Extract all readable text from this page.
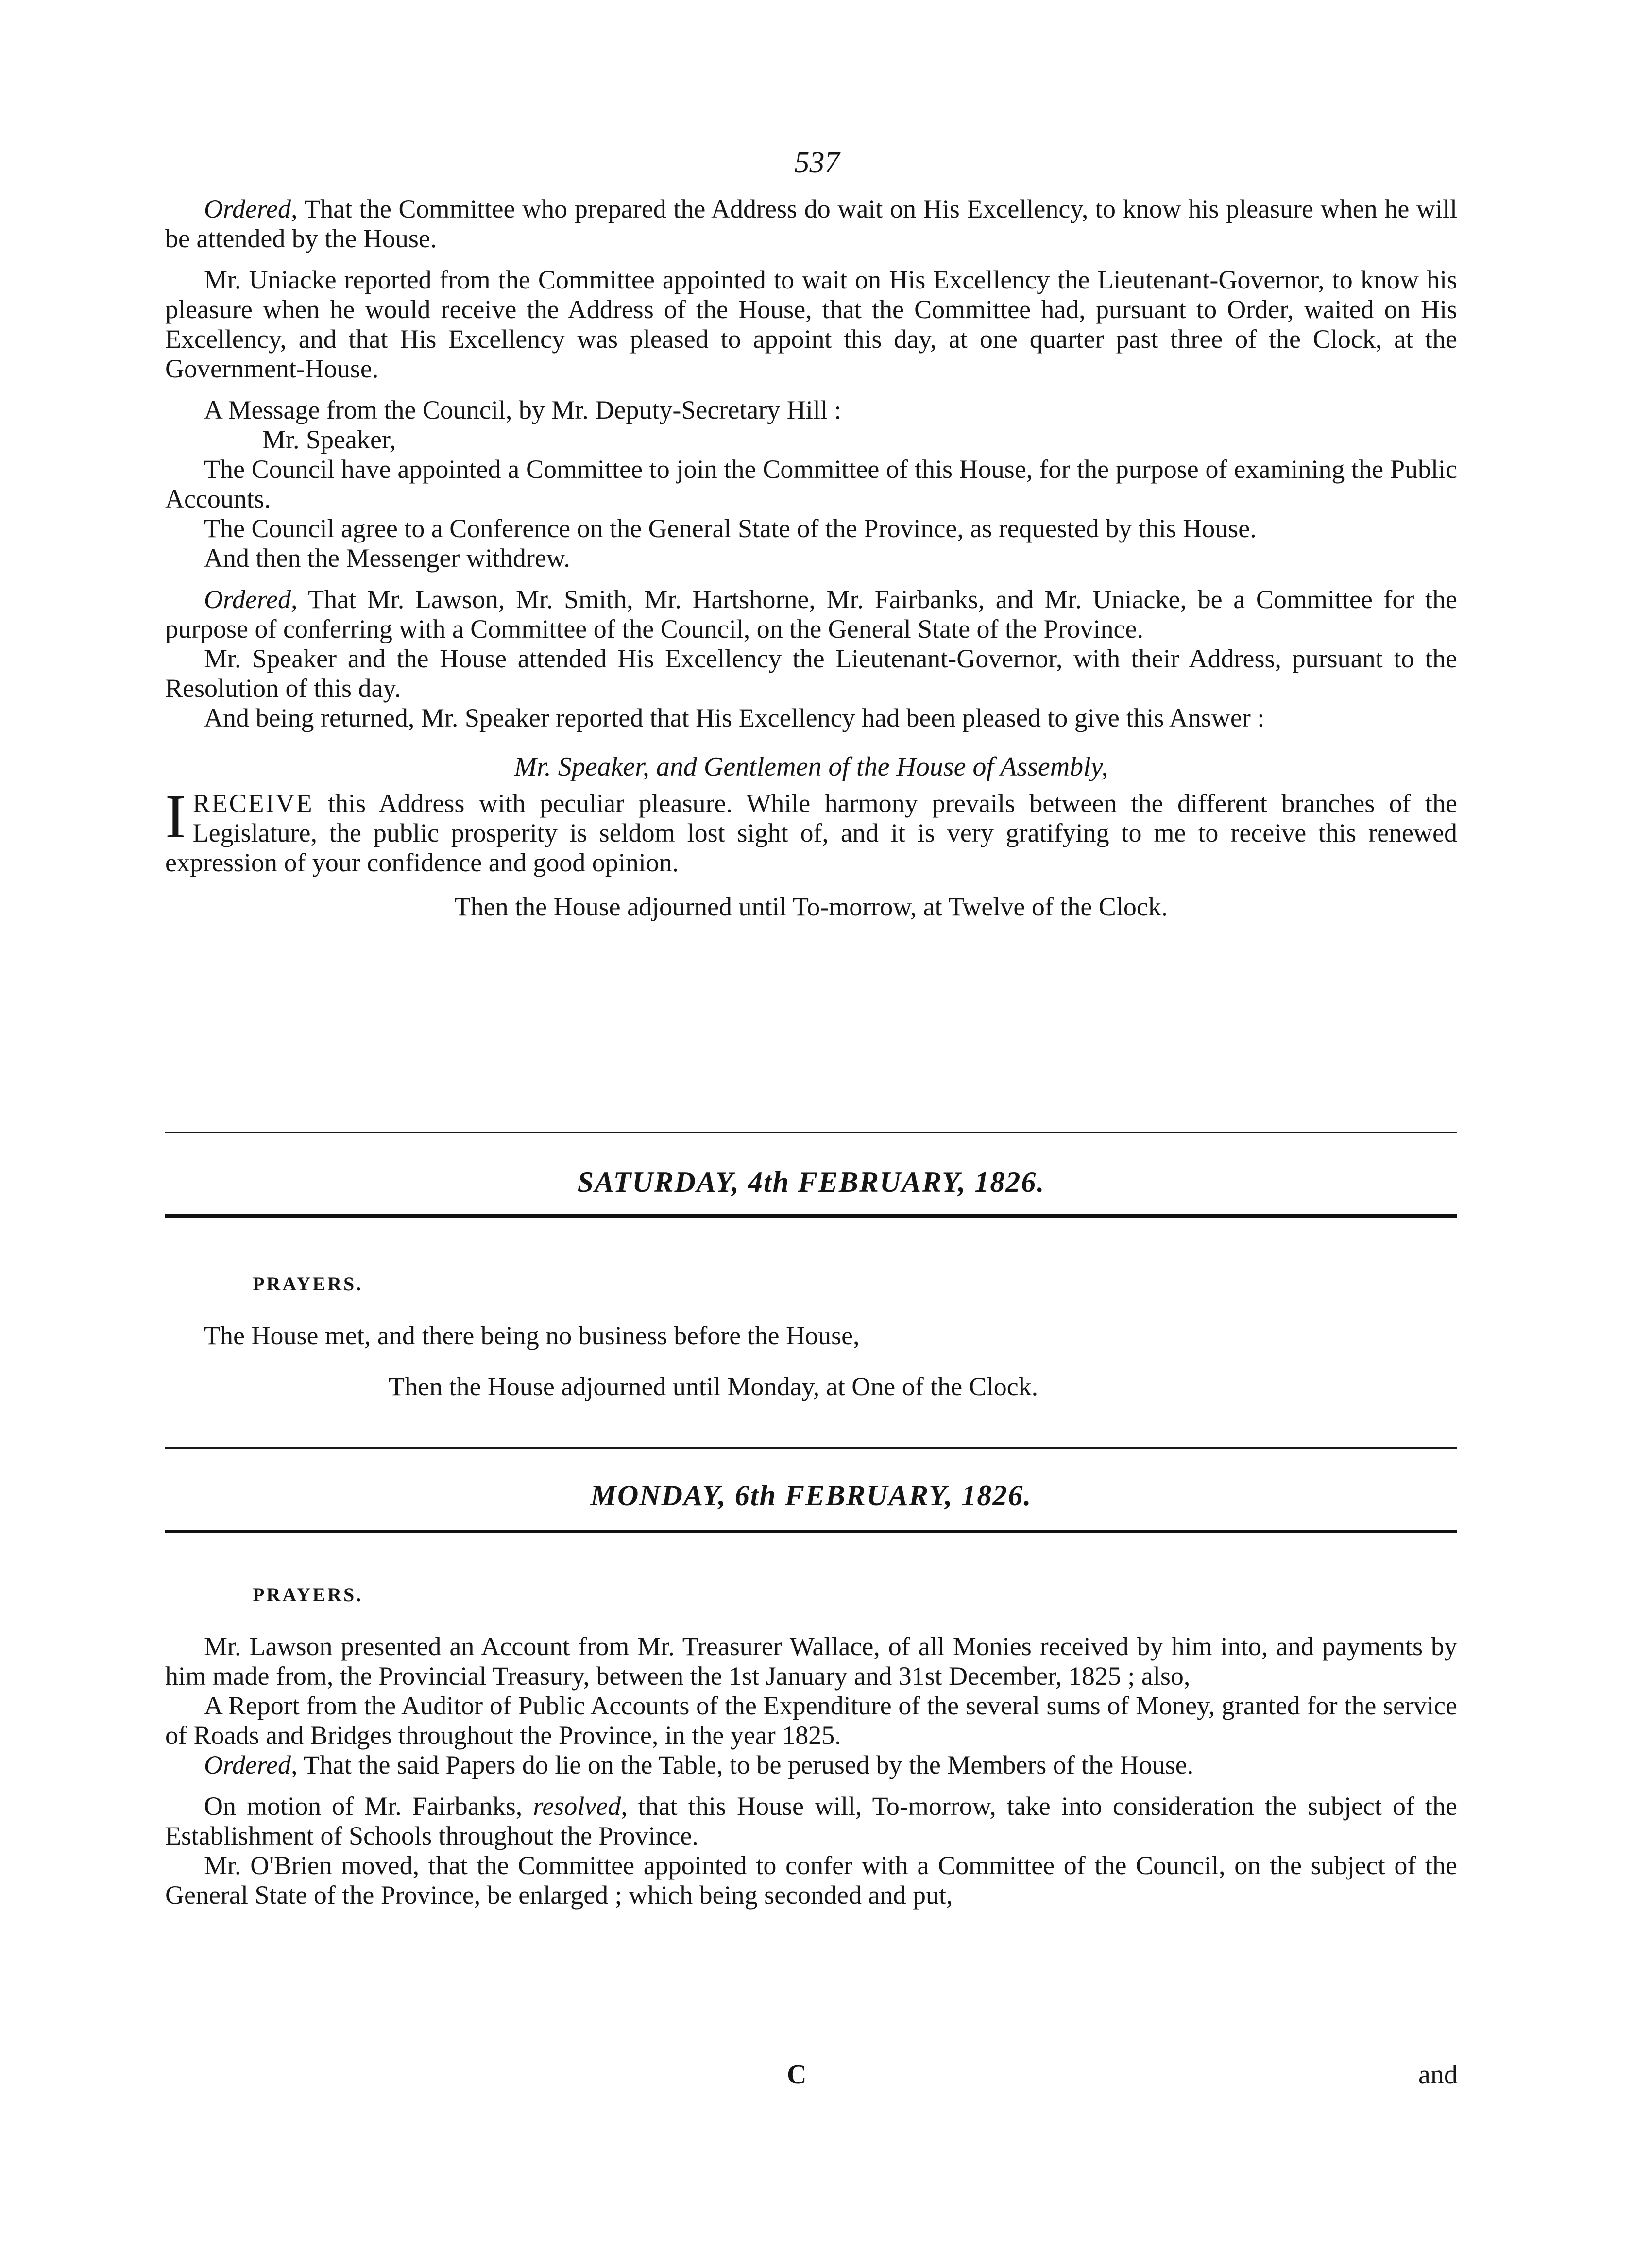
537

Ordered, That the Committee who prepared the Address do wait on His Excellency, to know his pleasure when he will be attended by the House.

Mr. Uniacke reported from the Committee appointed to wait on His Excellency the Lieutenant-Governor, to know his pleasure when he would receive the Address of the House, that the Committee had, pursuant to Order, waited on His Excellency, and that His Excellency was pleased to appoint this day, at one quarter past three of the Clock, at the Government-House.

A Message from the Council, by Mr. Deputy-Secretary Hill :

Mr. Speaker,

The Council have appointed a Committee to join the Committee of this House, for the purpose of examining the Public Accounts.

The Council agree to a Conference on the General State of the Province, as requested by this House.

And then the Messenger withdrew.

Ordered, That Mr. Lawson, Mr. Smith, Mr. Hartshorne, Mr. Fairbanks, and Mr. Uniacke, be a Committee for the purpose of conferring with a Committee of the Council, on the General State of the Province.

Mr. Speaker and the House attended His Excellency the Lieutenant-Governor, with their Address, pursuant to the Resolution of this day.

And being returned, Mr. Speaker reported that His Excellency had been pleased to give this Answer :

Mr. Speaker, and Gentlemen of the House of Assembly,

I RECEIVE this Address with peculiar pleasure. While harmony prevails between the different branches of the Legislature, the public prosperity is seldom lost sight of, and it is very gratifying to me to receive this renewed expression of your confidence and good opinion.

Then the House adjourned until To-morrow, at Twelve of the Clock.

SATURDAY, 4th FEBRUARY, 1826.
PRAYERS.

The House met, and there being no business before the House,

Then the House adjourned until Monday, at One of the Clock.

MONDAY, 6th FEBRUARY, 1826.
PRAYERS.

Mr. Lawson presented an Account from Mr. Treasurer Wallace, of all Monies received by him into, and payments by him made from, the Provincial Treasury, between the 1st January and 31st December, 1825 ; also,

A Report from the Auditor of Public Accounts of the Expenditure of the several sums of Money, granted for the service of Roads and Bridges throughout the Province, in the year 1825.

Ordered, That the said Papers do lie on the Table, to be perused by the Members of the House.

On motion of Mr. Fairbanks, resolved, that this House will, To-morrow, take into consideration the subject of the Establishment of Schools throughout the Province.

Mr. O'Brien moved, that the Committee appointed to confer with a Committee of the Council, on the subject of the General State of the Province, be enlarged ; which being seconded and put,

C	and
